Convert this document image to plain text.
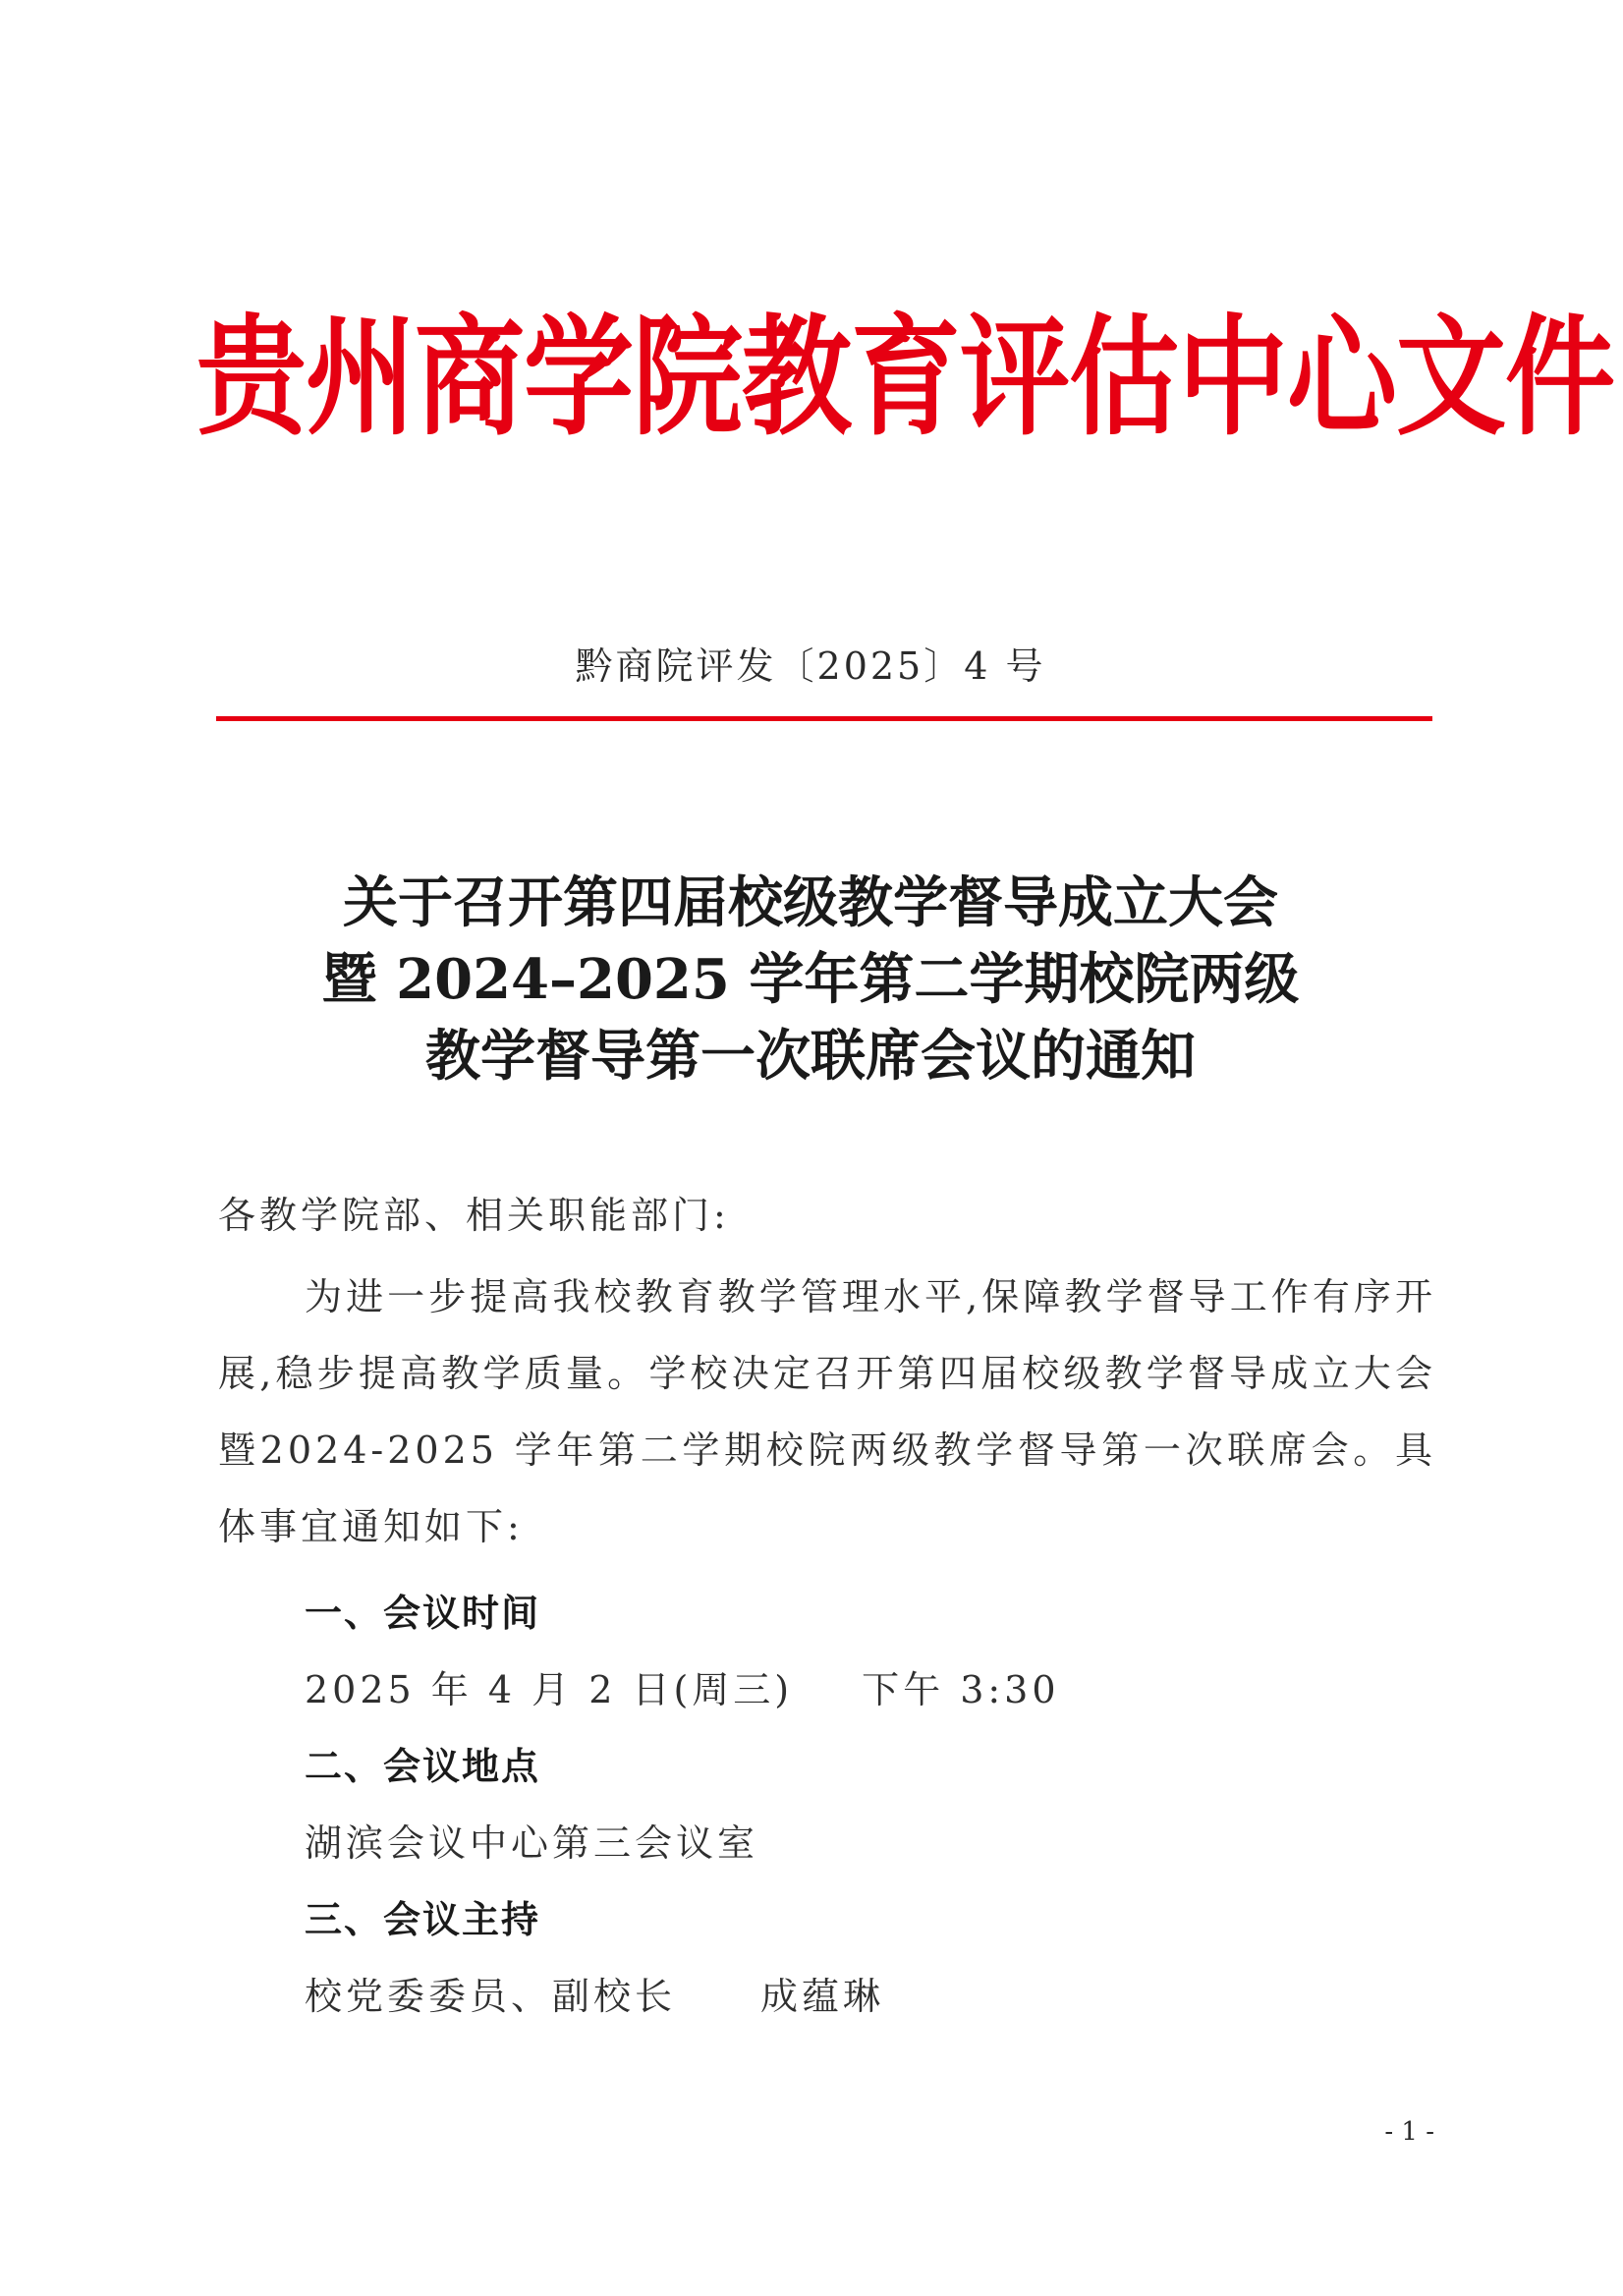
贵州商学院教育评估中心文件
黔商院评发〔2025〕4 号
关于召开第四届校级教学督导成立大会
暨 2024–2025 学年第二学期校院两级
教学督导第一次联席会议的通知
各教学院部、相关职能部门:
为进一步提高我校教育教学管理水平,保障教学督导工作有序开展,稳步提高教学质量。学校决定召开第四届校级教学督导成立大会暨2024-2025 学年第二学期校院两级教学督导第一次联席会。具体事宜通知如下:
一、会议时间
2025 年 4 月 2 日(周三) 下午 3:30
二、会议地点
湖滨会议中心第三会议室
三、会议主持
校党委委员、副校长 成蕴琳
- 1 -
